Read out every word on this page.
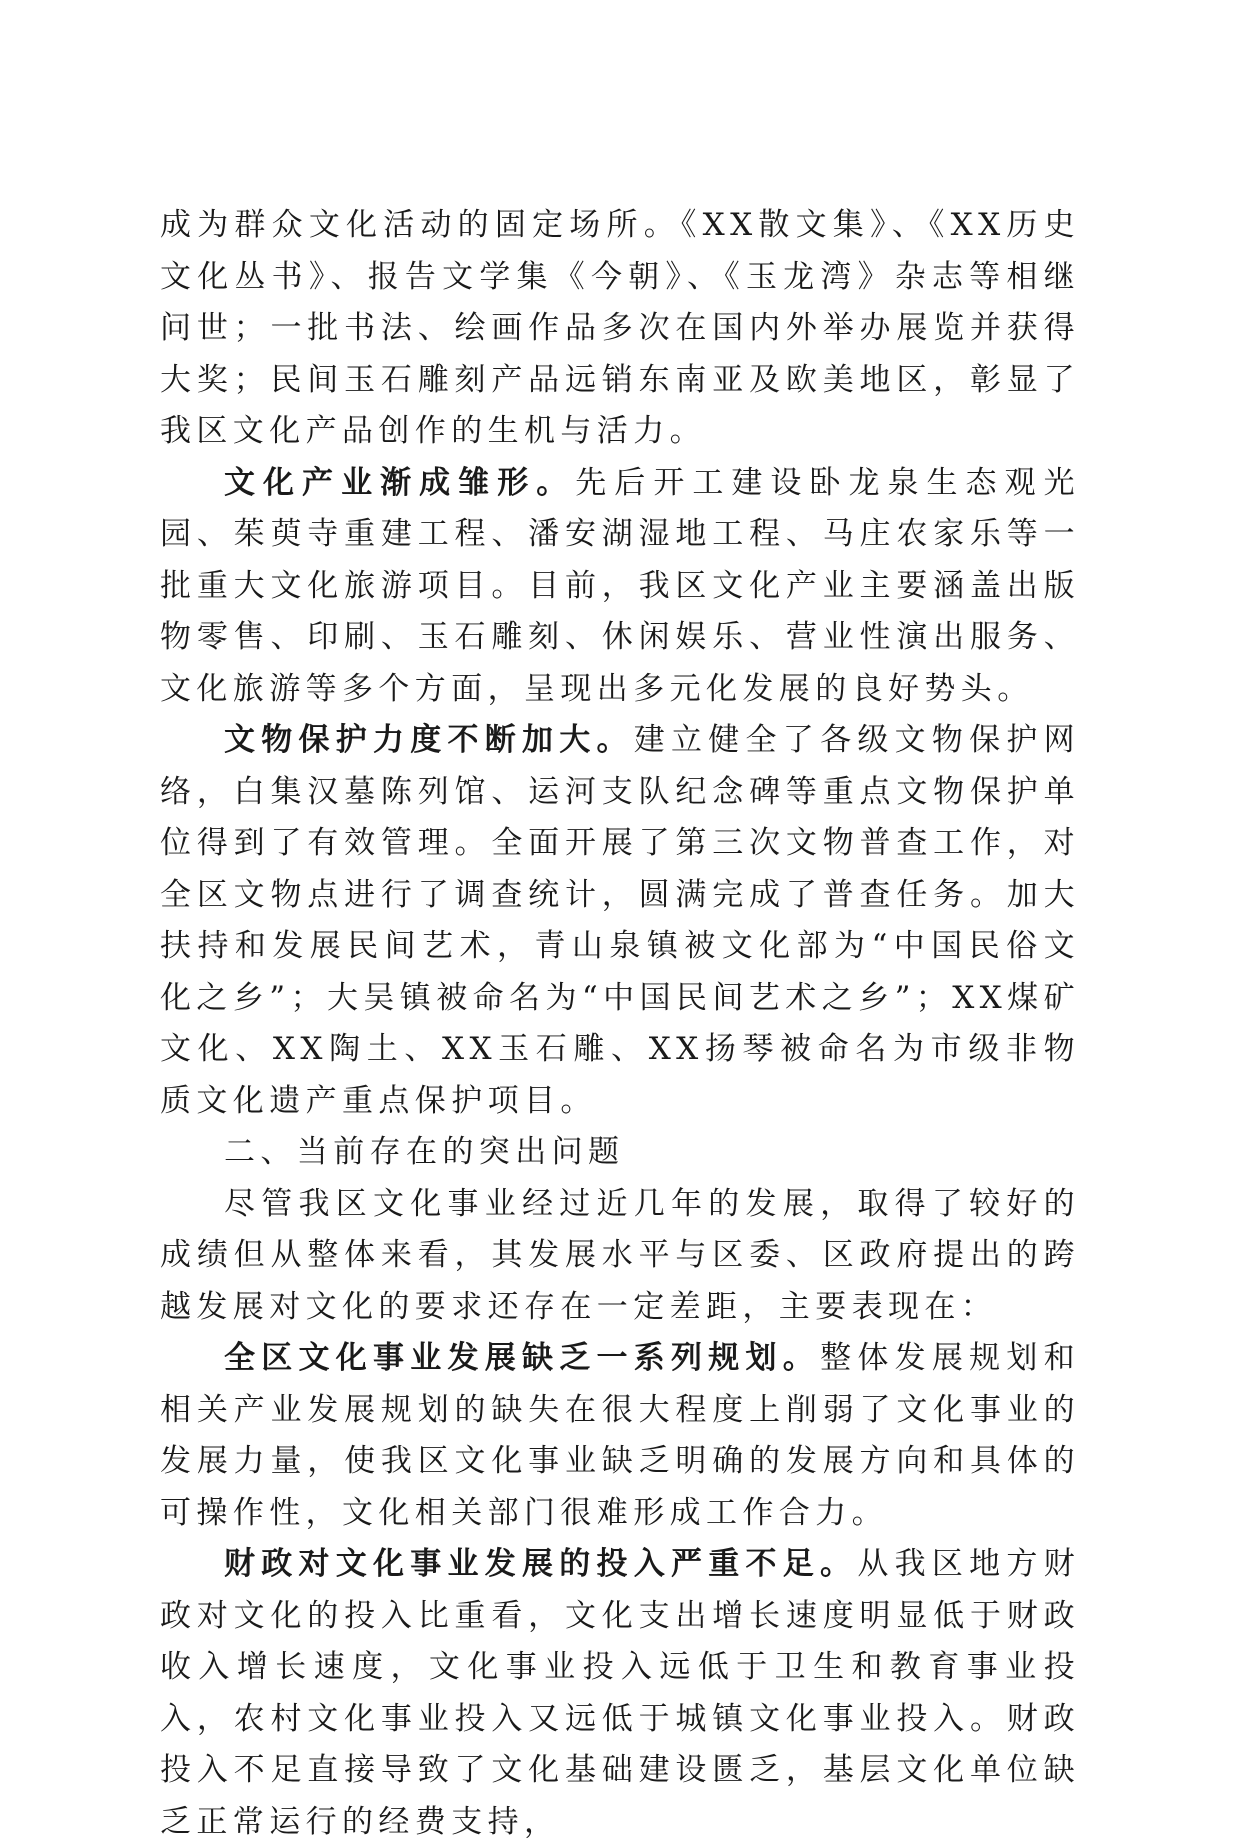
成为群众文化活动的固定场所。《XX散文集》、《XX历史文化丛书》、报告文学集《今朝》、《玉龙湾》杂志等相继问世；一批书法、绘画作品多次在国内外举办展览并获得大奖；民间玉石雕刻产品远销东南亚及欧美地区，彰显了我区文化产品创作的生机与活力。

文化产业渐成雏形。先后开工建设卧龙泉生态观光园、茱萸寺重建工程、潘安湖湿地工程、马庄农家乐等一批重大文化旅游项目。目前，我区文化产业主要涵盖出版物零售、印刷、玉石雕刻、休闲娱乐、营业性演出服务、文化旅游等多个方面，呈现出多元化发展的良好势头。

文物保护力度不断加大。建立健全了各级文物保护网络，白集汉墓陈列馆、运河支队纪念碑等重点文物保护单位得到了有效管理。全面开展了第三次文物普查工作，对全区文物点进行了调查统计，圆满完成了普查任务。加大扶持和发展民间艺术，青山泉镇被文化部为“中国民俗文化之乡”；大吴镇被命名为“中国民间艺术之乡”；XX煤矿文化、XX陶土、XX玉石雕、XX扬琴被命名为市级非物质文化遗产重点保护项目。

二、当前存在的突出问题

尽管我区文化事业经过近几年的发展，取得了较好的成绩但从整体来看，其发展水平与区委、区政府提出的跨越发展对文化的要求还存在一定差距，主要表现在：

全区文化事业发展缺乏一系列规划。整体发展规划和相关产业发展规划的缺失在很大程度上削弱了文化事业的发展力量，使我区文化事业缺乏明确的发展方向和具体的可操作性，文化相关部门很难形成工作合力。

财政对文化事业发展的投入严重不足。从我区地方财政对文化的投入比重看，文化支出增长速度明显低于财政收入增长速度，文化事业投入远低于卫生和教育事业投入，农村文化事业投入又远低于城镇文化事业投入。财政投入不足直接导致了文化基础建设匮乏，基层文化单位缺乏正常运行的经费支持，
